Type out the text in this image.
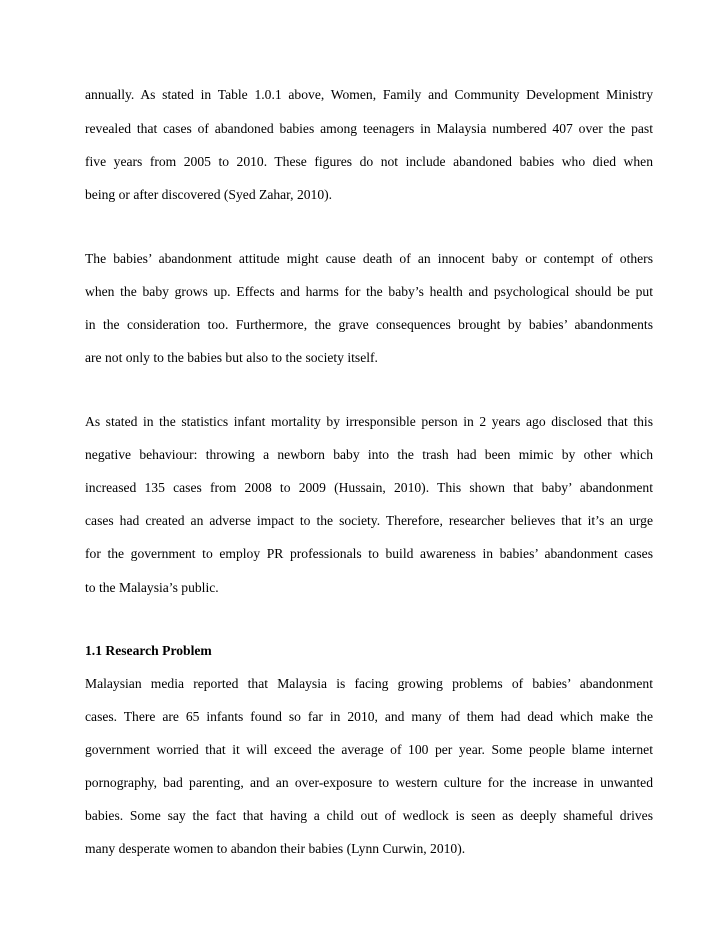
annually. As stated in Table 1.0.1 above, Women, Family and Community Development Ministry
revealed that cases of abandoned babies among teenagers in Malaysia numbered 407 over the past
five years from 2005 to 2010. These figures do not include abandoned babies who died when
being or after discovered (Syed Zahar, 2010).
The babies’ abandonment attitude might cause death of an innocent baby or contempt of others
when the baby grows up. Effects and harms for the baby’s health and psychological should be put
in the consideration too. Furthermore, the grave consequences brought by babies’ abandonments
are not only to the babies but also to the society itself.
As stated in the statistics infant mortality by irresponsible person in 2 years ago disclosed that this
negative behaviour: throwing a newborn baby into the trash had been mimic by other which
increased 135 cases from 2008 to 2009 (Hussain, 2010). This shown that baby’ abandonment
cases had created an adverse impact to the society. Therefore, researcher believes that it’s an urge
for the government to employ PR professionals to build awareness in babies’ abandonment cases
to the Malaysia’s public.
1.1 Research Problem
Malaysian media reported that Malaysia is facing growing problems of babies’ abandonment
cases. There are 65 infants found so far in 2010, and many of them had dead which make the
government worried that it will exceed the average of 100 per year. Some people blame internet
pornography, bad parenting, and an over-exposure to western culture for the increase in unwanted
babies. Some say the fact that having a child out of wedlock is seen as deeply shameful drives
many desperate women to abandon their babies (Lynn Curwin, 2010).
